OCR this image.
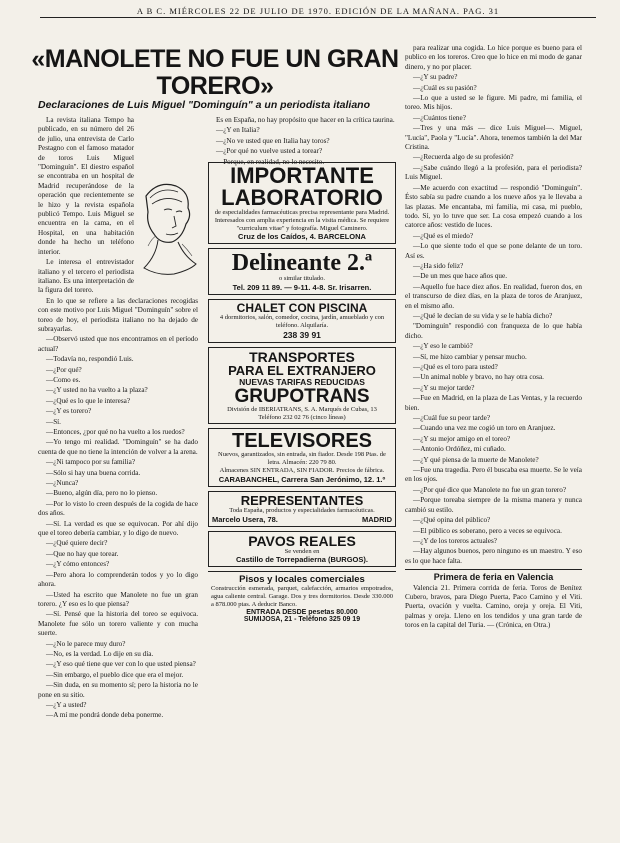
A B C. MIÉRCOLES 22 DE JULIO DE 1970. EDICIÓN DE LA MAÑANA. PAG. 31
«MANOLETE NO FUE UN GRAN TORERO»
Declaraciones de Luis Miguel "Dominguín" a un periodista italiano

La revista italiana Tempo ha publicado, en su número del 26 de julio, una entrevista de Carlo Pestagno con el famoso matador de toros Luis Miguel "Dominguín". El diestro español se encontraba en un hospital de Madrid recuperándose de la operación que recientemente se le hizo y la revista española publicó Tempo. Luis Miguel se encuentra en la cama, en el Hospital, en una habitación donde ha hecho un teléfono interior.

Le interesa el entrevistador italiano y el tercero el periodista italiano. Es una interpretación de la figura del torero.

En lo que se refiere a las declaraciones recogidas con este motivo por Luis Miguel "Dominguín" sobre el toreo de hoy, el periodista italiano no ha dejado de subrayarlas.

—Observó usted que nos encontramos en el período actual?

—Todavía no, respondió Luis.

—¿Por qué?

—Como es.

—¿Y usted no ha vuelto a la plaza?

—¿Qué es lo que le interesa?

—¿Y es torero?

—Sí.

—Entonces, ¿por qué no ha vuelto a los ruedos?

—Yo tengo mi realidad. "Dominguín" se ha dado cuenta de que no tiene la intención de volver a la arena.

—¿Ni tampoco por su familia?

—Sólo si hay una buena corrida.

—¿Nunca?

—Bueno, algún día, pero no lo pienso.

—Por lo visto lo creen después de la cogida de hace dos años.

—Sí. La verdad es que se equivocan. Por ahí dijo que el toreo debería cambiar, y lo digo de nuevo.

—¿Qué quiere decir?

—Que no hay que torear.

—¿Y cómo entonces?

—Pero ahora lo comprenderán todos y yo lo digo ahora.

—Usted ha escrito que Manolete no fue un gran torero. ¿Y eso es lo que piensa?

—Sí. Pensé que la historia del toreo se equivoca. Manolete fue sólo un torero valiente y con mucha suerte.

—¿No le parece muy duro?

—No, es la verdad. Lo dije en su día.

—¿Y eso qué tiene que ver con lo que usted piensa?

—Sin embargo, el pueblo dice que era el mejor.

—Sin duda, en su momento sí; pero la historia no le pone en su sitio.

—¿Y a usted?

—A mí me pondrá donde deba ponerme.

Es en España, no hay propósito que hacer en la crítica taurina.

—¿Y en Italia?

—¿No ve usted que en Italia hay toros?

—¿Por qué no vuelve usted a torear?

—Porque, en realidad, no lo necesito.

IMPORTANTE
LABORATORIO
de especialidades farmacéuticas precisa representante para Madrid. Interesados con amplia experiencia en la visita médica. Se requiere "curriculum vitae" y fotografía. Miguel Caminero.
Cruz de los Caídos, 4. BARCELONA
Delineante 2.ª
o similar titulado.
Tel. 209 11 89. — 9-11. 4-8. Sr. Irisarren.
CHALET CON PISCINA
4 dormitorios, salón, comedor, cocina, jardín, amueblado y con teléfono. Alquilaría.
238 39 91
TRANSPORTES
PARA EL EXTRANJERO
NUEVAS TARIFAS REDUCIDAS
GRUPOTRANS
División de IBERIATRANS, S. A. Marqués de Cubas, 13
Teléfono 232 02 76 (cinco líneas)
TELEVISORES
Nuevos, garantizados, sin entrada, sin fiador. Desde 198 Ptas. de letra. Almacén: 220 79 80.
Almacenes SIN ENTRADA, SIN FIADOR. Precios de fábrica.
CARABANCHEL, Carrera San Jerónimo, 12. 1.º
REPRESENTANTES
Toda España, productos y especialidades farmacéuticas.
Marcelo Usera, 78.	MADRID
PAVOS REALES
Se venden en
Castillo de Torrepadierna (BURGOS).
Pisos y locales comerciales
Construcción esmerada, parquet, calefacción, armarios empotrados, agua caliente central. Garage. Dos y tres dormitorios. Desde 330.000 a 878.000 ptas. A deducir Banco.
ENTRADA DESDE pesetas 80.000
SUMIJOSA, 21 - Teléfono 325 09 19

para realizar una cogida. Lo hice porque es bueno para el publico en los toreros. Creo que lo hice en mi modo de ganar dinero, y no por placer.

—¿Y su padre?

—¿Cuál es su pasión?

—Lo que a usted se le figure. Mi padre, mi familia, el toreo. Mis hijos.

—¿Cuántos tiene?

—Tres y una más — dice Luis Miguel—. Miguel, "Lucía", Paola y "Lucía". Ahora, tenemos también la del Mar Cristina.

—¿Recuerda algo de su profesión?

—¿Sabe cuándo llegó a la profesión, para el periodista? Luis Miguel.

—Me acuerdo con exactitud — respondió "Dominguín". Ésto sabía su padre cuando a los nueve años ya le llevaba a las plazas. Me encantaba, mi familia, mi casa, mi pueblo, todo. Sí, yo lo tuve que ser. La cosa empezó cuando a los catorce años: vestido de luces.

—¿Qué es el miedo?

—Lo que siente todo el que se pone delante de un toro. Así es.

—¿Ha sido feliz?

—De un mes que hace años que.

—Aquello fue hace diez años. En realidad, fueron dos, en el transcurso de diez días, en la plaza de toros de Aranjuez, en el mismo año.

—¿Qué le decían de su vida y se le había dicho?

"Dominguín" respondió con franqueza de lo que había dicho.

—¿Y eso le cambió?

—Sí, me hizo cambiar y pensar mucho.

—¿Qué es el toro para usted?

—Un animal noble y bravo, no hay otra cosa.

—¿Y su mejor tarde?

—Fue en Madrid, en la plaza de Las Ventas, y la recuerdo bien.

—¿Cuál fue su peor tarde?

—Cuando una vez me cogió un toro en Aranjuez.

—¿Y su mejor amigo en el toreo?

—Antonio Ordóñez, mi cuñado.

—¿Y qué piensa de la muerte de Manolete?

—Fue una tragedia. Pero él buscaba esa muerte. Se le veía en los ojos.

—¿Por qué dice que Manolete no fue un gran torero?

—Porque toreaba siempre de la misma manera y nunca cambió su estilo.

—¿Qué opina del público?

—El público es soberano, pero a veces se equivoca.

—¿Y de los toreros actuales?

—Hay algunos buenos, pero ninguno es un maestro. Y eso es lo que hace falta.

Primera de feria en Valencia

Valencia 21. Primera corrida de feria. Toros de Benítez Cubero, bravos, para Diego Puerta, Paco Camino y el Viti. Puerta, ovación y vuelta. Camino, oreja y oreja. El Viti, palmas y oreja. Lleno en los tendidos y una gran tarde de toros en la capital del Turia. — (Crónica, en Otra.)
